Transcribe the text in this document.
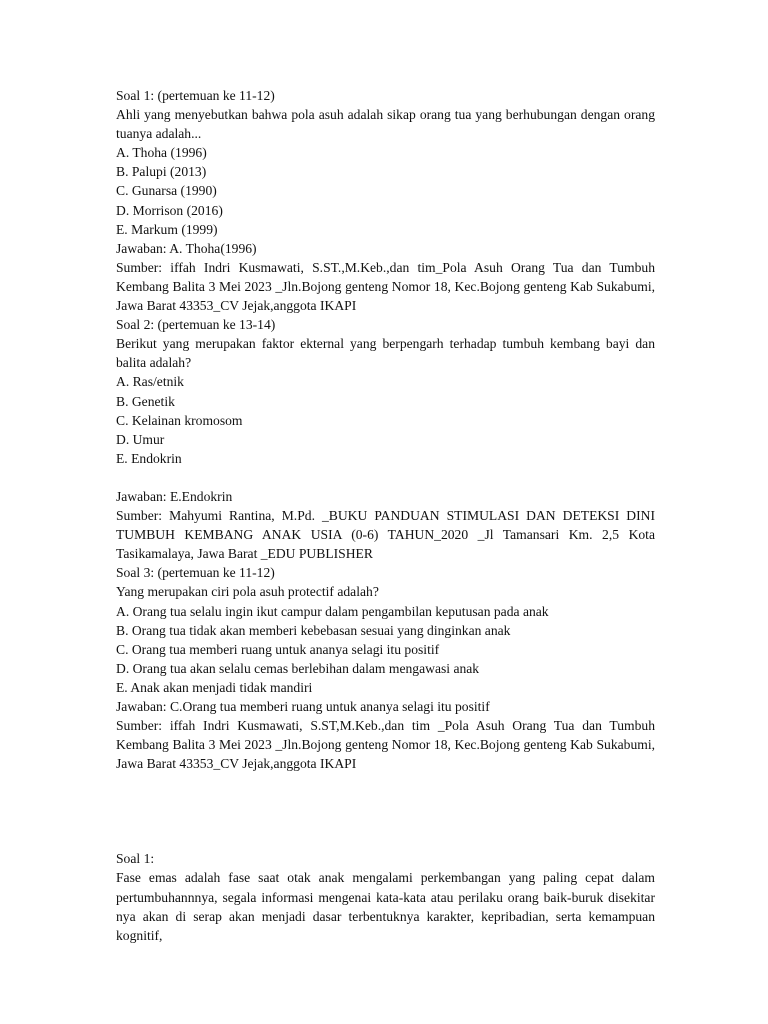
Soal 1: (pertemuan ke 11-12)
Ahli yang menyebutkan bahwa pola asuh adalah sikap orang tua yang berhubungan dengan orang tuanya adalah...
A. Thoha (1996)
B. Palupi (2013)
C. Gunarsa (1990)
D. Morrison (2016)
E. Markum (1999)
Jawaban: A. Thoha(1996)
Sumber: iffah Indri Kusmawati, S.ST.,M.Keb.,dan tim_Pola Asuh Orang Tua dan Tumbuh Kembang Balita 3 Mei 2023 _Jln.Bojong genteng Nomor 18, Kec.Bojong genteng Kab Sukabumi, Jawa Barat 43353_CV Jejak,anggota IKAPI
Soal 2: (pertemuan ke 13-14)
Berikut yang merupakan faktor ekternal yang berpengarh terhadap tumbuh kembang bayi dan balita adalah?
A. Ras/etnik
B. Genetik
C. Kelainan kromosom
D. Umur
E. Endokrin
Jawaban: E.Endokrin
Sumber: Mahyumi Rantina, M.Pd. _BUKU PANDUAN STIMULASI DAN DETEKSI DINI TUMBUH KEMBANG ANAK USIA (0-6) TAHUN_2020 _Jl Tamansari Km. 2,5 Kota Tasikamalaya, Jawa Barat _EDU PUBLISHER
Soal 3: (pertemuan ke 11-12)
Yang merupakan ciri pola asuh protectif adalah?
A. Orang tua selalu ingin ikut campur dalam pengambilan keputusan pada anak
B. Orang tua tidak akan memberi kebebasan sesuai yang dinginkan anak
C. Orang tua memberi ruang untuk ananya selagi itu positif
D. Orang tua akan selalu cemas berlebihan dalam mengawasi anak
E. Anak akan menjadi tidak mandiri
Jawaban: C.Orang tua memberi ruang untuk ananya selagi itu positif
Sumber: iffah Indri Kusmawati, S.ST,M.Keb.,dan tim _Pola Asuh Orang Tua dan Tumbuh Kembang Balita 3 Mei 2023 _Jln.Bojong genteng Nomor 18, Kec.Bojong genteng Kab Sukabumi, Jawa Barat 43353_CV Jejak,anggota IKAPI
Soal 1:
Fase emas adalah fase saat otak anak mengalami perkembangan yang paling cepat dalam pertumbuhannnya, segala informasi mengenai kata-kata atau perilaku orang baik-buruk disekitar nya akan di serap akan menjadi dasar terbentuknya karakter, kepribadian, serta kemampuan kognitif,
